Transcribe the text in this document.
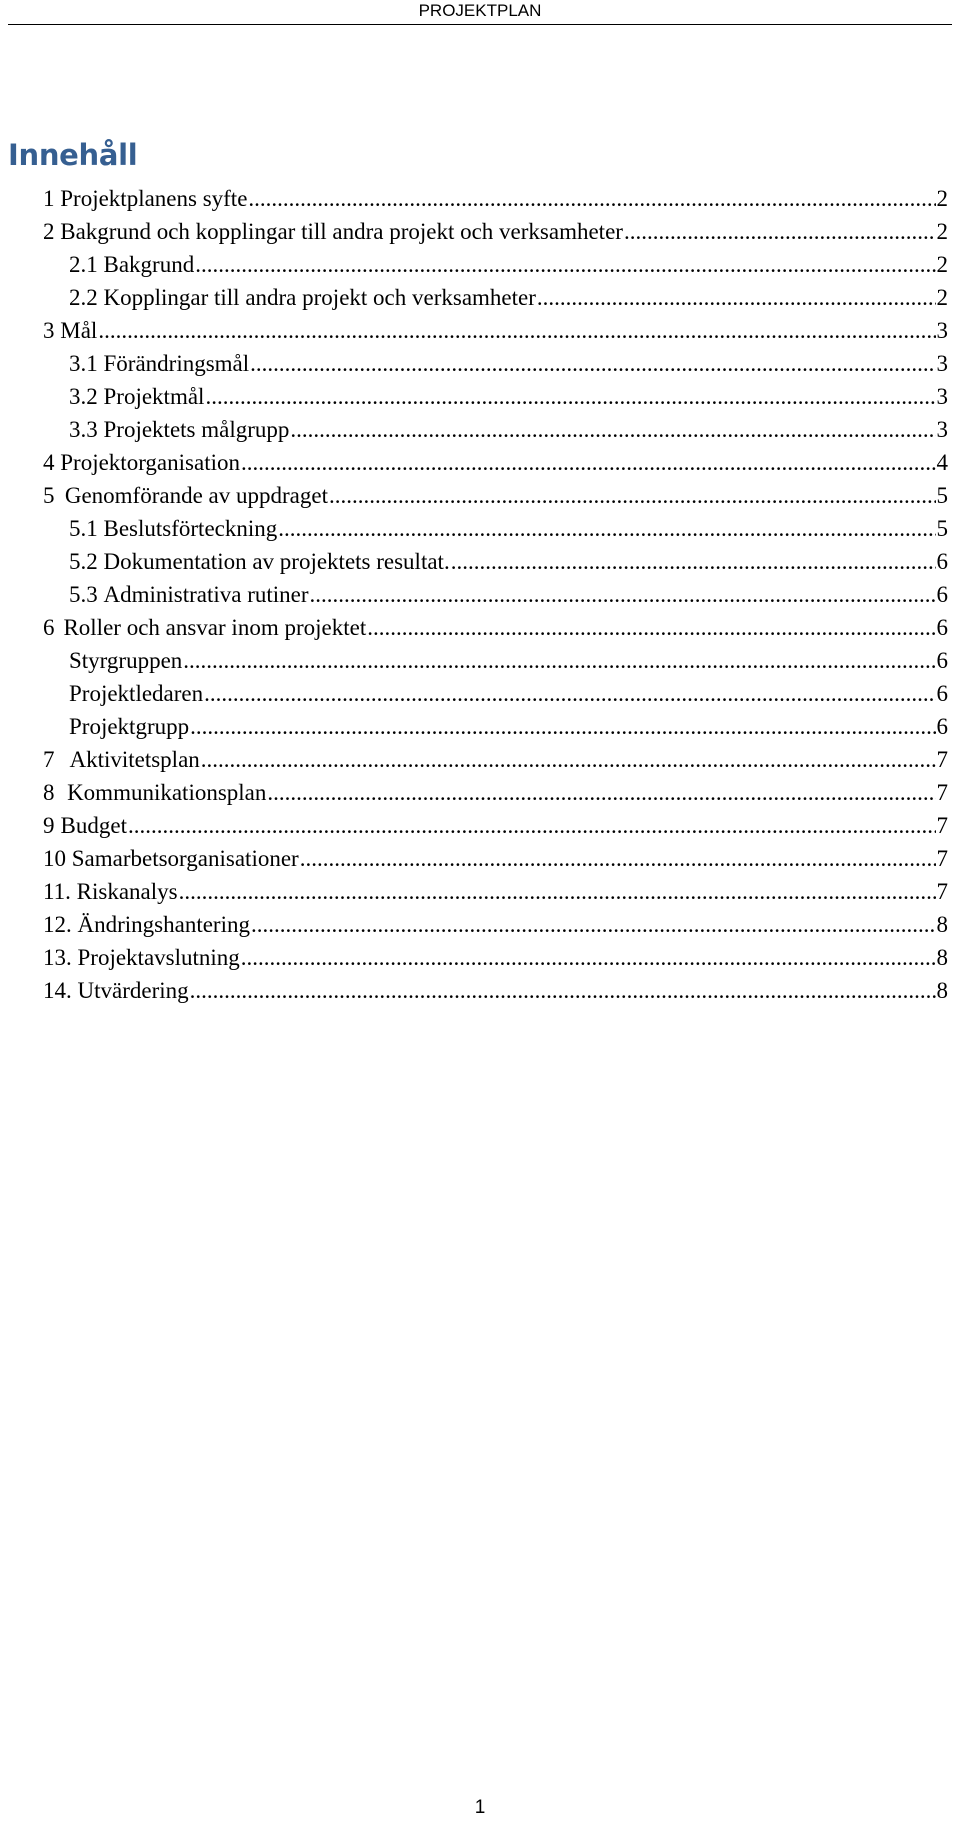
PROJEKTPLAN
Innehåll
1
Projektplanens syfte .....	2
2
Bakgrund och kopplingar till andra projekt och verksamheter .....	2
2.1
Bakgrund .....	2
2.2
Kopplingar till andra projekt och verksamheter .....	2
3
Mål .....	3
3.1
Förändringsmål .....	3
3.2
Projektmål .....	3
3.3
Projektets målgrupp .....	3
4
Projektorganisation .....	4
5 Genomförande av uppdraget .....	5
5.1
Beslutsförteckning .....	5
5.2
Dokumentation av projektets resultat. .....	6
5.3
Administrativa rutiner .....	6
6 Roller och ansvar inom projektet .....	6
Styrgruppen .....	6
Projektledaren .....	6
Projektgrupp .....	6
7 Aktivitetsplan .....	7
8 Kommunikationsplan .....	7
9 Budget .....	7
10
Samarbetsorganisationer .....	7
11.
Riskanalys .....	7
12.
Ändringshantering .....	8
13.
Projektavslutning .....	8
14.
Utvärdering .....	8
1
